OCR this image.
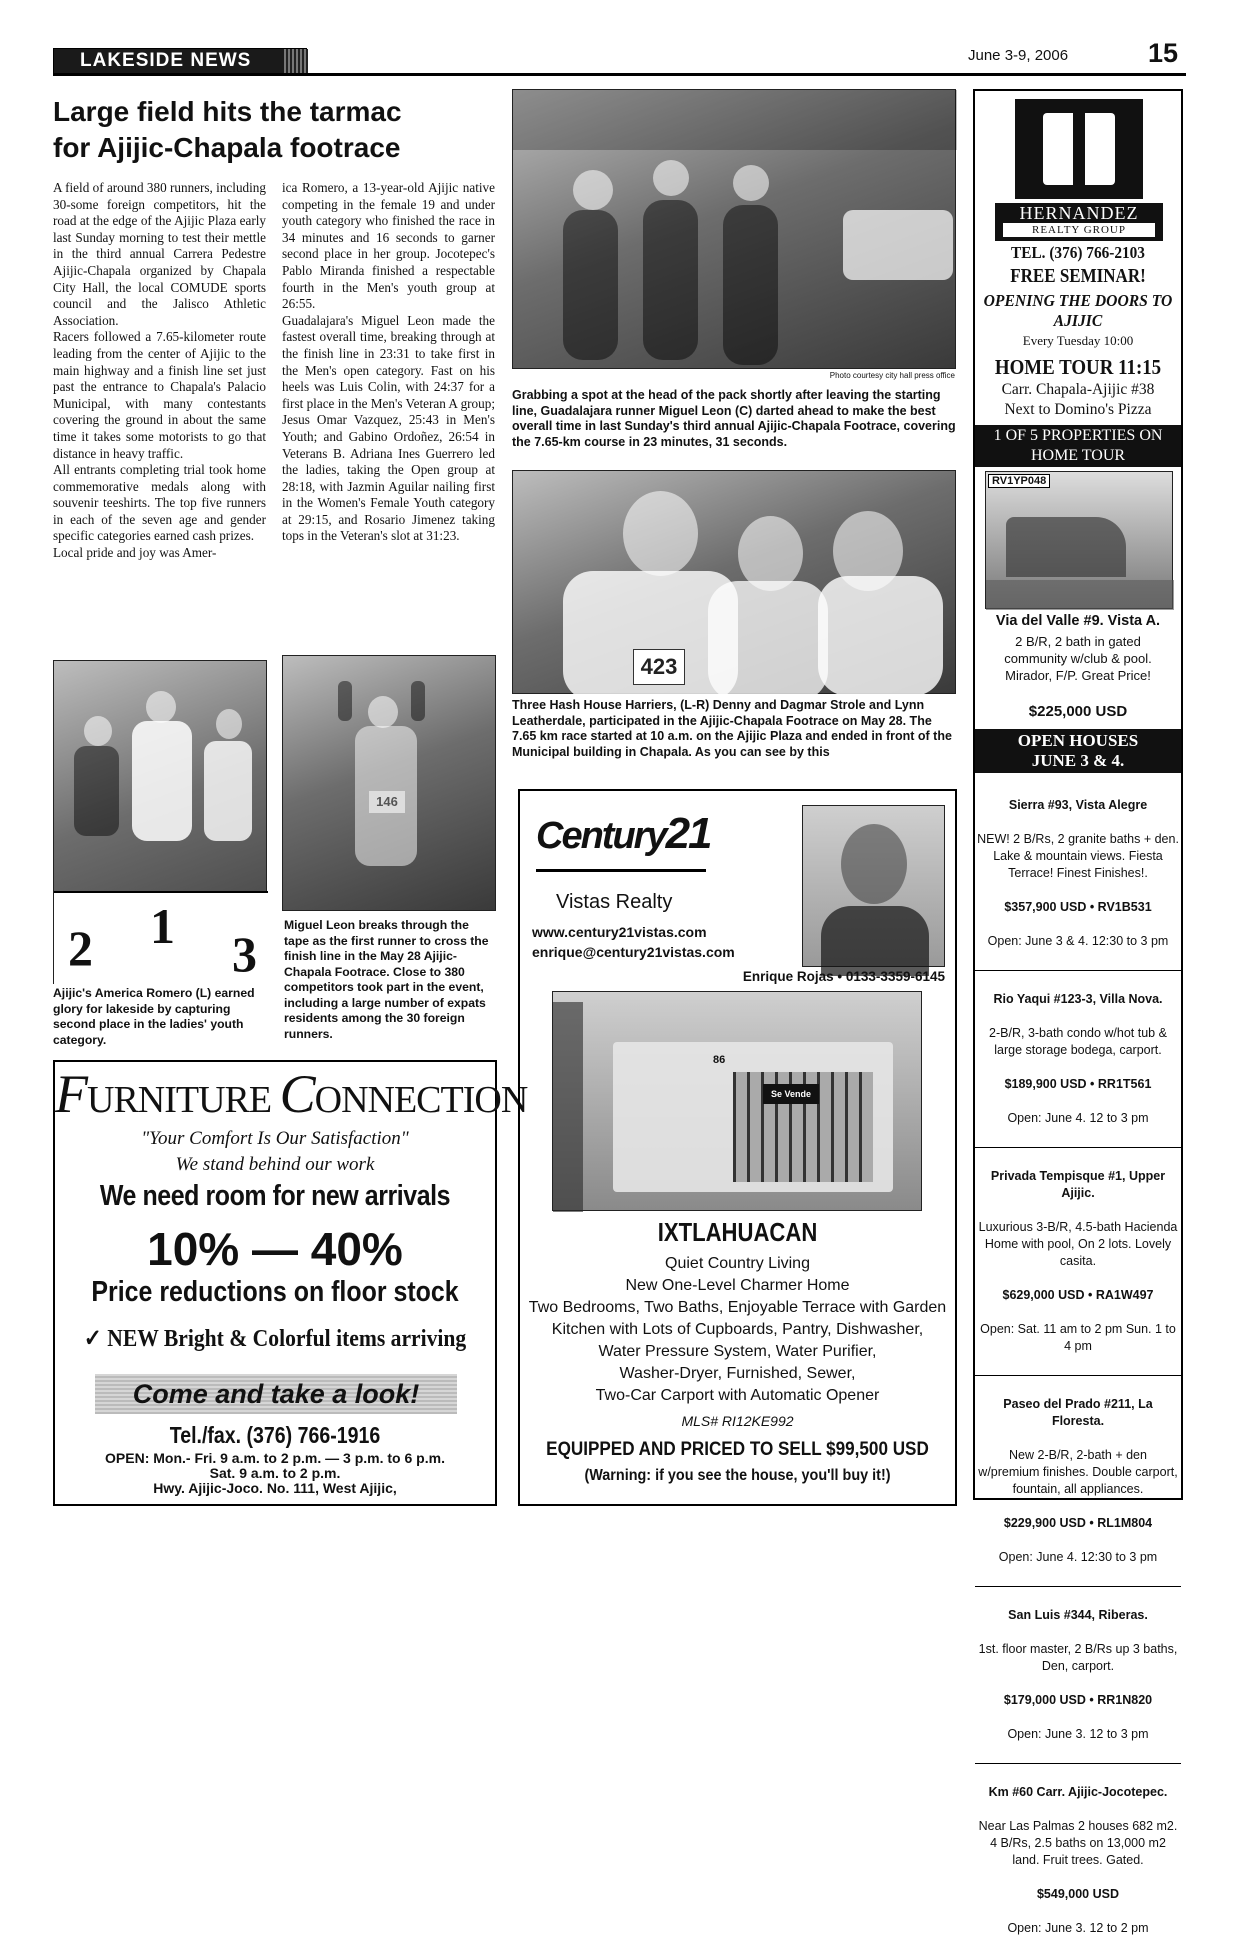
LAKESIDE NEWS	June 3-9, 2006	15
Large field hits the tarmac
for Ajijic-Chapala footrace
A field of around 380 runners, including 30-some foreign competitors, hit the road at the edge of the Ajijic Plaza early last Sunday morning to test their mettle in the third annual Carrera Pedestre Ajijic-Chapala organized by Chapala City Hall, the local COMUDE sports council and the Jalisco Athletic Association.
Racers followed a 7.65-kilometer route leading from the center of Ajijic to the main highway and a finish line set just past the entrance to Chapala's Palacio Municipal, with many contestants covering the ground in about the same time it takes some motorists to go that distance in heavy traffic.
All entrants completing trial took home commemorative medals along with souvenir teeshirts. The top five runners in each of the seven age and gender specific categories earned cash prizes.
Local pride and joy was Amer-
ica Romero, a 13-year-old Ajijic native competing in the female 19 and under youth category who finished the race in 34 minutes and 16 seconds to garner second place in her group. Jocotepec's Pablo Miranda finished a respectable fourth in the Men's youth group at 26:55.
Guadalajara's Miguel Leon made the fastest overall time, breaking through at the finish line in 23:31 to take first in the Men's open category. Fast on his heels was Luis Colin, with 24:37 for a first place in the Men's Veteran A group; Jesus Omar Vazquez, 25:43 in Men's Youth; and Gabino Ordoñez, 26:54 in Veterans B. Adriana Ines Guerrero led the ladies, taking the Open group at 28:18, with Jazmin Aguilar nailing first in the Women's Female Youth category at 29:15, and Rosario Jimenez taking tops in the Veteran's slot at 31:23.
Photo courtesy city hall press office
Grabbing a spot at the head of the pack shortly after leaving the starting line, Guadalajara runner Miguel Leon (C) darted ahead to make the best overall time in last Sunday's third annual Ajijic-Chapala Footrace, covering the 7.65-km course in 23 minutes, 31 seconds.
423
Three Hash House Harriers, (L-R) Denny and Dagmar Strole and Lynn Leatherdale, participated in the Ajijic-Chapala Footrace on May 28. The 7.65 km race started at 10 a.m. on the Ajijic Plaza and ended in front of the Municipal building in Chapala. As you can see by this
2 1 3
Ajijic's America Romero (L) earned glory for lakeside by capturing second place in the ladies' youth category.
146
Miguel Leon breaks through the tape as the first runner to cross the finish line in the May 28 Ajijic-Chapala Footrace. Close to 380 competitors took part in the event, including a large number of expats residents among the 30 foreign runners.
FURNITURE CONNECTION
"Your Comfort Is Our Satisfaction"
We stand behind our work
We need room for new arrivals
10% — 40%
Price reductions on floor stock
✓ NEW Bright & Colorful items arriving
Come and take a look!
Tel./fax. (376) 766-1916
OPEN: Mon.- Fri. 9 a.m. to 2 p.m. — 3 p.m. to 6 p.m.
Sat. 9 a.m. to 2 p.m.
Hwy. Ajijic-Joco. No. 111, West Ajijic,
Century21
Vistas Realty
www.century21vistas.com
enrique@century21vistas.com
Enrique Rojas • 0133-3359-6145
Se Vende
86
IXTLAHUACAN
Quiet Country Living
New One-Level Charmer Home
Two Bedrooms, Two Baths, Enjoyable Terrace with Garden
Kitchen with Lots of Cupboards, Pantry, Dishwasher,
Water Pressure System, Water Purifier,
Washer-Dryer, Furnished, Sewer,
Two-Car Carport with Automatic Opener
MLS# RI12KE992
EQUIPPED AND PRICED TO SELL $99,500 USD
(Warning: if you see the house, you'll buy it!)
HERNANDEZ
REALTY GROUP
TEL. (376) 766-2103
FREE SEMINAR!
OPENING THE DOORS TO AJIJIC
Every Tuesday 10:00
HOME TOUR 11:15
Carr. Chapala-Ajijic #38
Next to Domino's Pizza
1 OF 5 PROPERTIES ON HOME TOUR
RV1YP048
Via del Valle #9. Vista A.
2 B/R, 2 bath in gated community w/club & pool. Mirador, F/P. Great Price!
$225,000 USD
OPEN HOUSES JUNE 3 & 4.

Sierra #93, Vista Alegre

NEW! 2 B/Rs, 2 granite baths + den. Lake & mountain views. Fiesta Terrace! Finest Finishes!.

$357,900 USD • RV1B531

Open: June 3 & 4. 12:30 to 3 pm

Rio Yaqui #123-3, Villa Nova.

2-B/R, 3-bath condo w/hot tub & large storage bodega, carport.

$189,900 USD • RR1T561

Open: June 4. 12 to 3 pm

Privada Tempisque #1, Upper Ajijic.

Luxurious 3-B/R, 4.5-bath Hacienda Home with pool, On 2 lots. Lovely casita.

$629,000 USD • RA1W497

Open: Sat. 11 am to 2 pm Sun. 1 to 4 pm

Paseo del Prado #211, La Floresta.

New 2-B/R, 2-bath + den w/premium finishes. Double carport, fountain, all appliances.

$229,900 USD • RL1M804

Open: June 4. 12:30 to 3 pm

San Luis #344, Riberas.

1st. floor master, 2 B/Rs up 3 baths, Den, carport.

$179,000 USD • RR1N820

Open: June 3. 12 to 3 pm

Km #60 Carr. Ajijic-Jocotepec.

Near Las Palmas 2 houses 682 m2. 4 B/Rs, 2.5 baths on 13,000 m2 land. Fruit trees. Gated.

$549,000 USD

Open: June 3. 12 to 2 pm
